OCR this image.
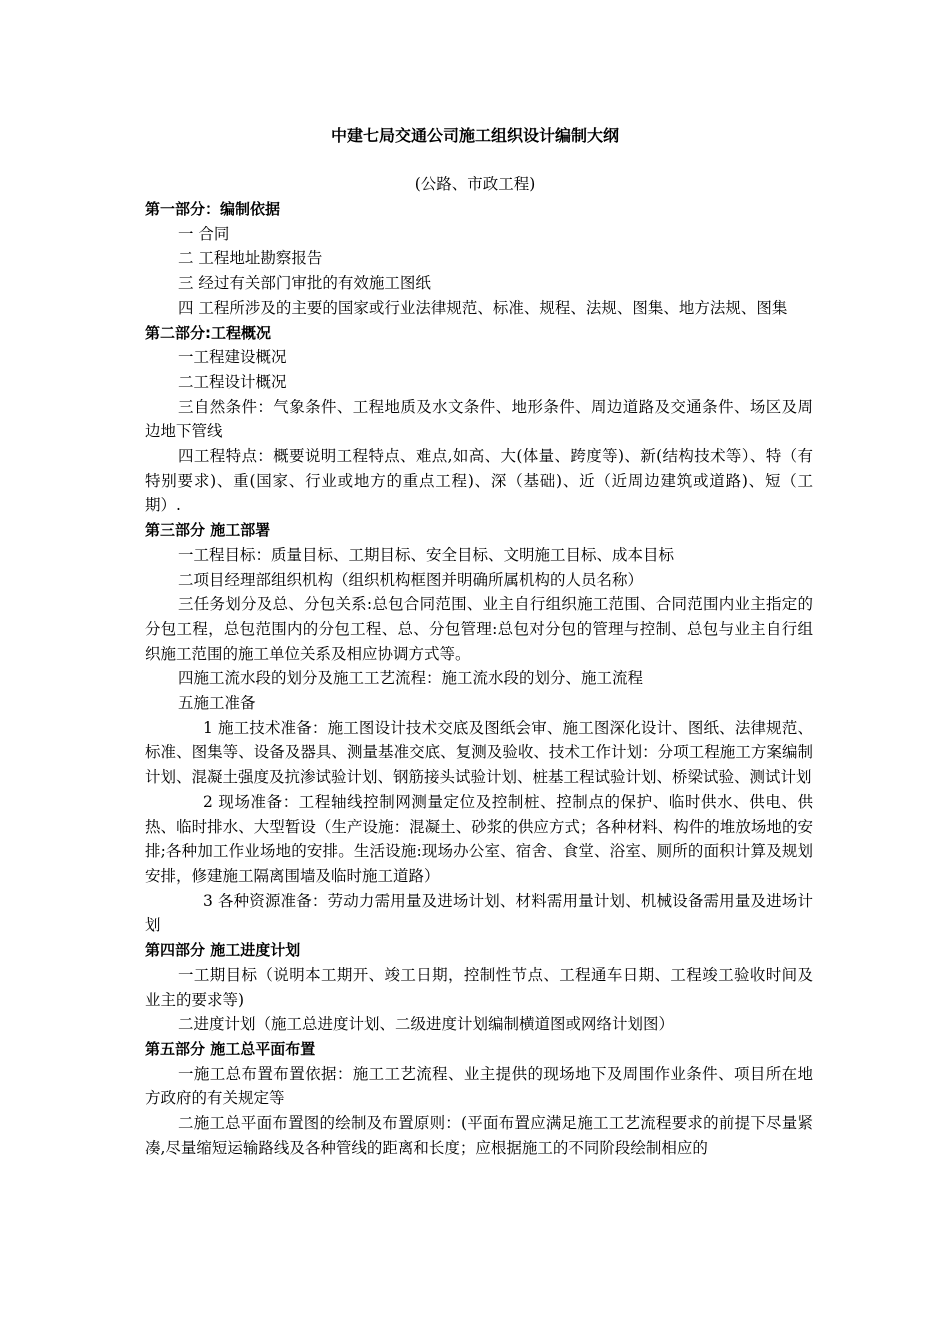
中建七局交通公司施工组织设计编制大纲
(公路、市政工程)

第一部分：编制依据

一 合同

二 工程地址勘察报告

三 经过有关部门审批的有效施工图纸

四 工程所涉及的主要的国家或行业法律规范、标准、规程、法规、图集、地方法规、图集

第二部分:工程概况

一工程建设概况

二工程设计概况

三自然条件：气象条件、工程地质及水文条件、地形条件、周边道路及交通条件、场区及周边地下管线

四工程特点：概要说明工程特点、难点,如高、大(体量、跨度等)、新(结构技术等）、特（有特别要求)、重(国家、行业或地方的重点工程)、深（基础)、近（近周边建筑或道路)、短（工期）.

第三部分 施工部署

一工程目标：质量目标、工期目标、安全目标、文明施工目标、成本目标

二项目经理部组织机构（组织机构框图并明确所属机构的人员名称）

三任务划分及总、分包关系:总包合同范围、业主自行组织施工范围、合同范围内业主指定的分包工程，总包范围内的分包工程、总、分包管理:总包对分包的管理与控制、总包与业主自行组织施工范围的施工单位关系及相应协调方式等。

四施工流水段的划分及施工工艺流程：施工流水段的划分、施工流程

五施工准备

1 施工技术准备：施工图设计技术交底及图纸会审、施工图深化设计、图纸、法律规范、标准、图集等、设备及器具、测量基准交底、复测及验收、技术工作计划：分项工程施工方案编制计划、混凝土强度及抗渗试验计划、钢筋接头试验计划、桩基工程试验计划、桥梁试验、测试计划

2 现场准备：工程轴线控制网测量定位及控制桩、控制点的保护、临时供水、供电、供热、临时排水、大型暂设（生产设施：混凝土、砂浆的供应方式；各种材料、构件的堆放场地的安排;各种加工作业场地的安排。生活设施:现场办公室、宿舍、食堂、浴室、厕所的面积计算及规划安排，修建施工隔离围墙及临时施工道路）

3 各种资源准备：劳动力需用量及进场计划、材料需用量计划、机械设备需用量及进场计划

第四部分 施工进度计划

一工期目标（说明本工期开、竣工日期，控制性节点、工程通车日期、工程竣工验收时间及业主的要求等)

二进度计划（施工总进度计划、二级进度计划编制横道图或网络计划图）

第五部分 施工总平面布置

一施工总布置布置依据：施工工艺流程、业主提供的现场地下及周围作业条件、项目所在地方政府的有关规定等

二施工总平面布置图的绘制及布置原则：(平面布置应满足施工工艺流程要求的前提下尽量紧凑,尽量缩短运输路线及各种管线的距离和长度；应根据施工的不同阶段绘制相应的
